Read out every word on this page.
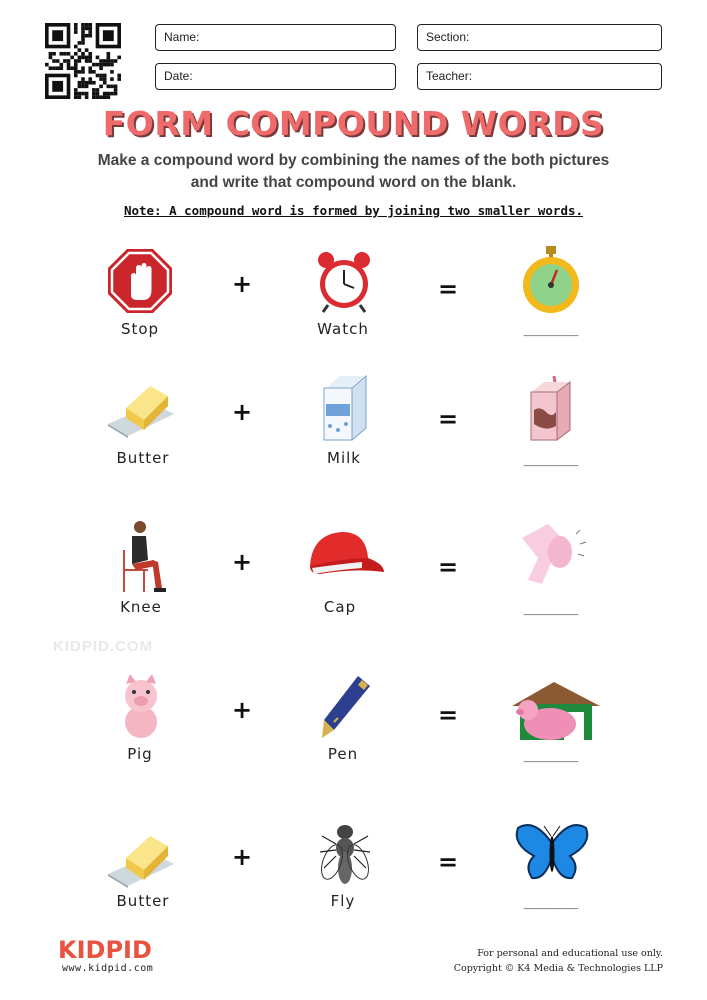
Name:	Section:
Date:	Teacher:
FORM COMPOUND WORDS
Make a compound word by combining the names of the both pictures
and write that compound word on the blank.
Note: A compound word is formed by joining two smaller words.
Stop
+
Watch
=
_______
Butter
+
Milk
=
_______
Knee
+
Cap
=
_______
KIDPID.COM
Pig
+
Pen
=
_______
Butter
+
Fly
=
_______
KIDPID
www.kidpid.com
For personal and educational use only.
Copyright © K4 Media & Technologies LLP
